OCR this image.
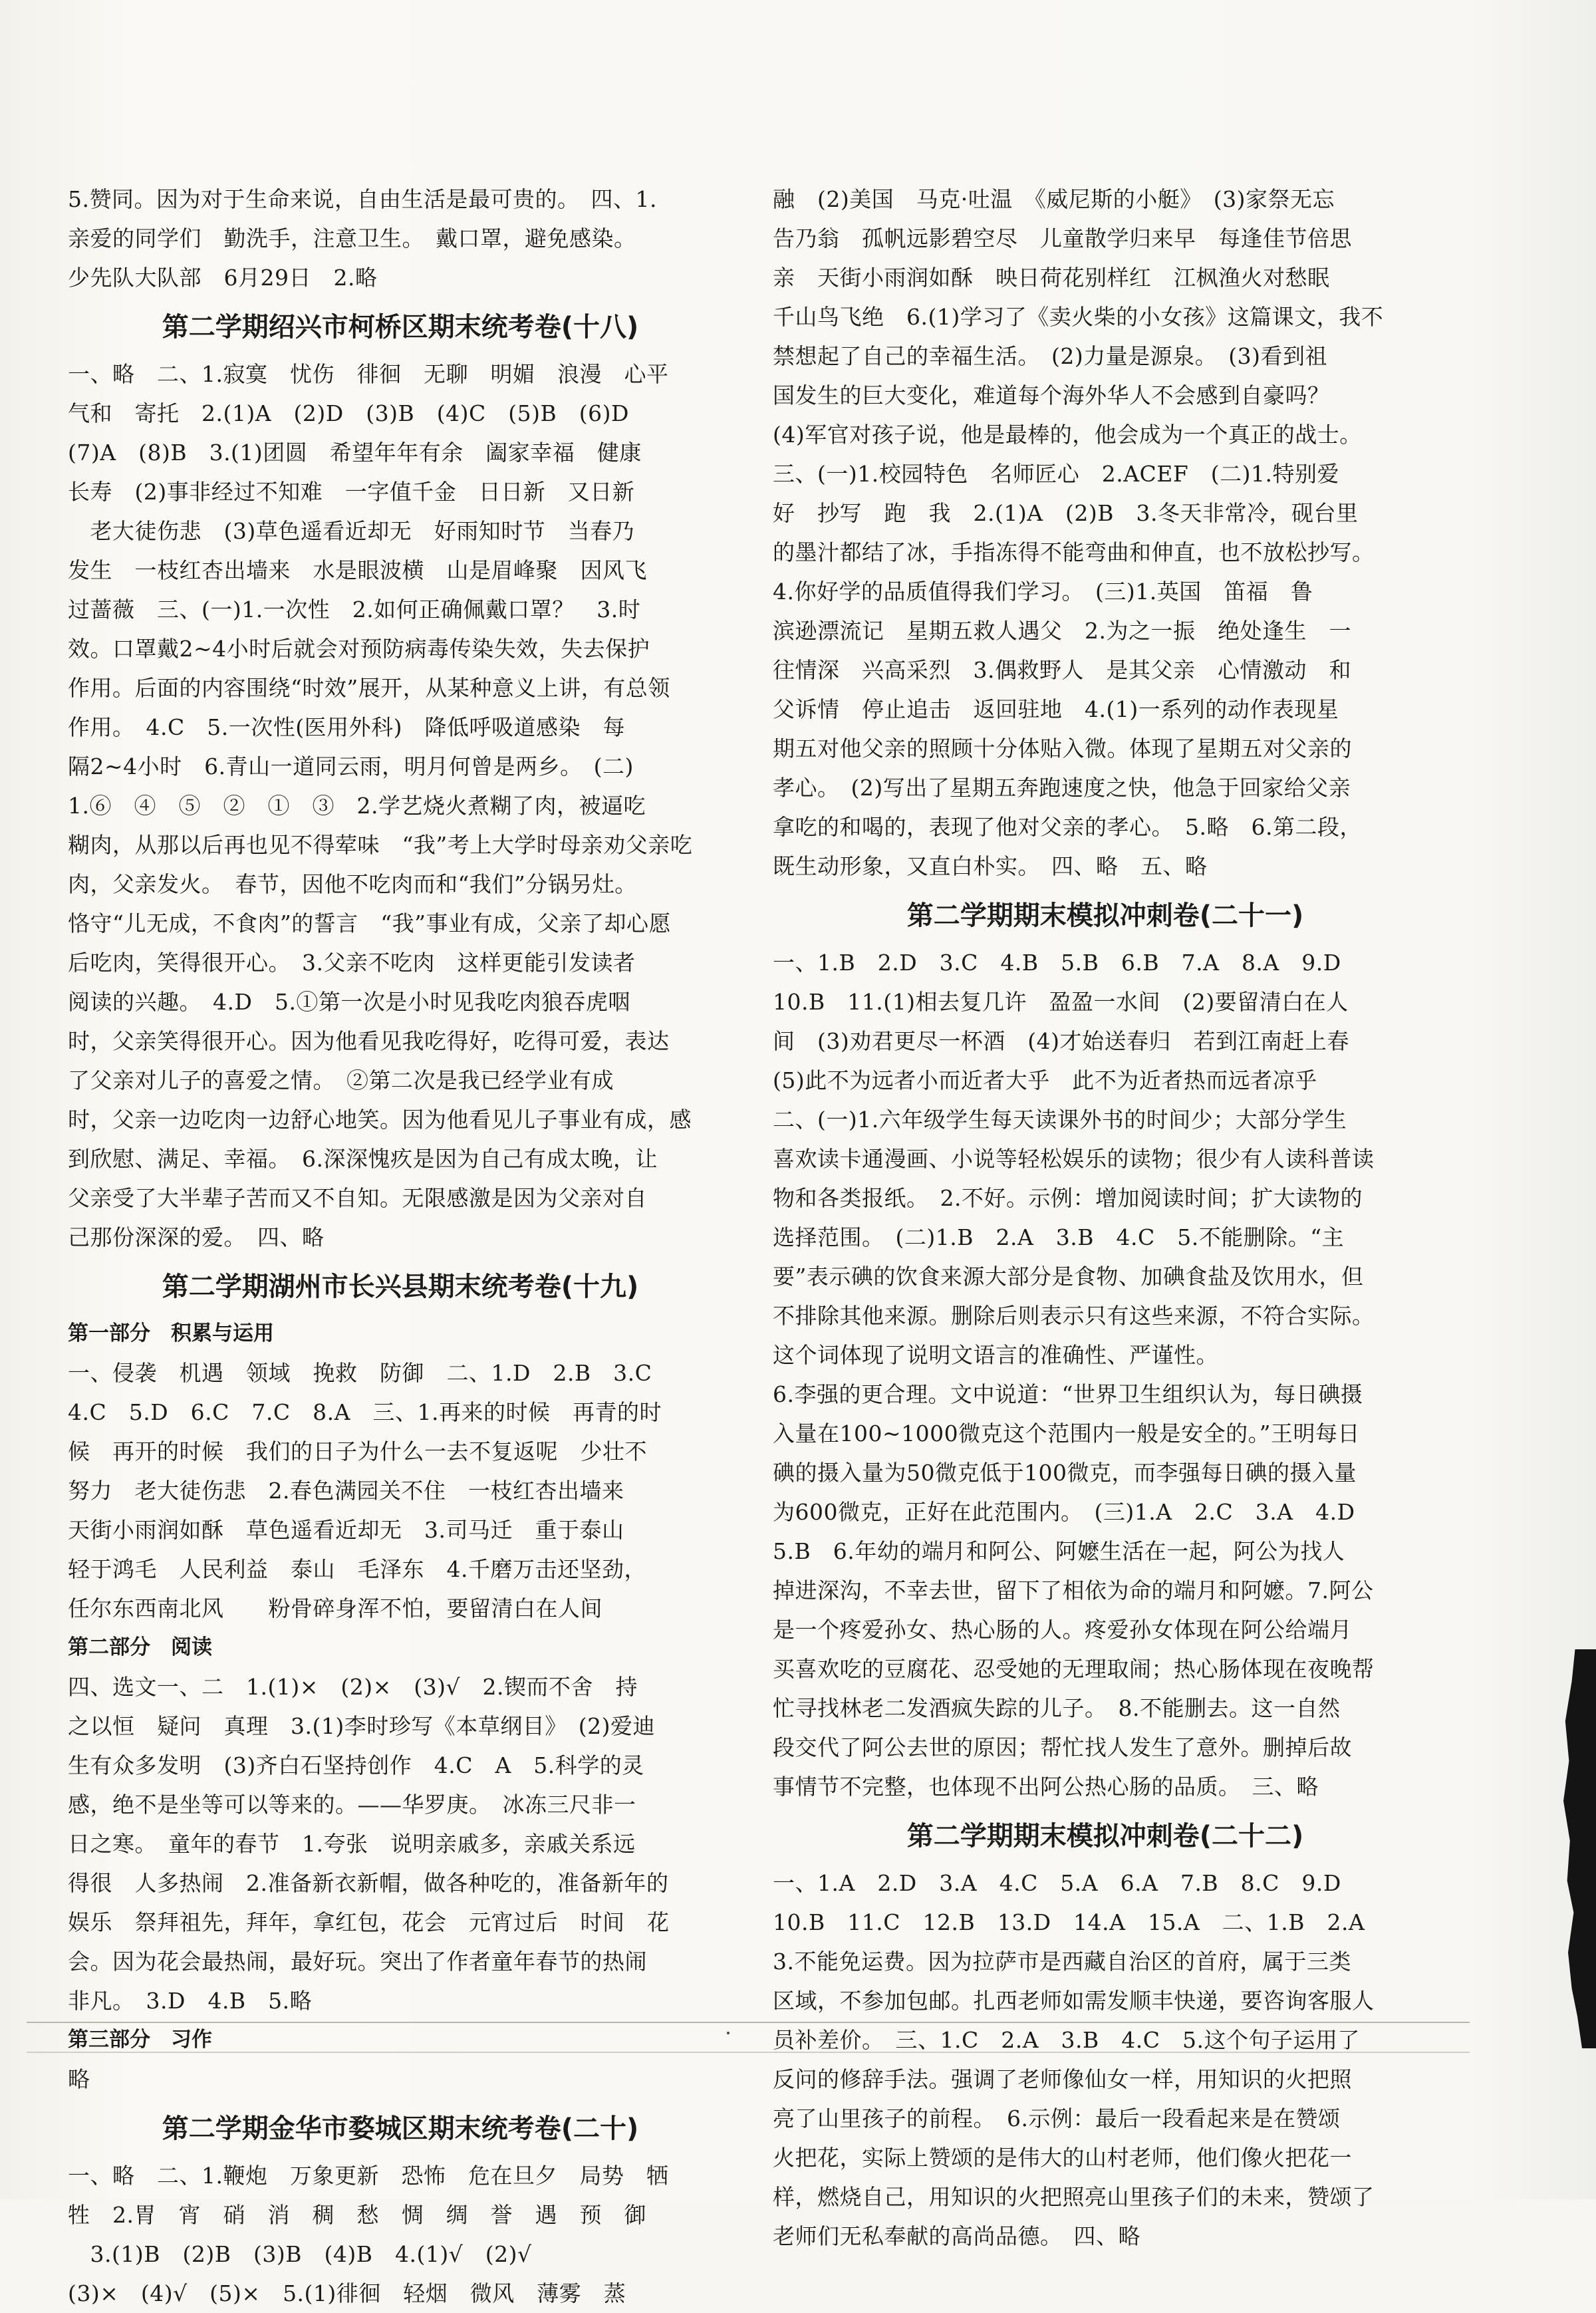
5.赞同。因为对于生命来说，自由生活是最可贵的。　四、1.
亲爱的同学们　勤洗手，注意卫生。　戴口罩，避免感染。
少先队大队部　6月29日　2.略
第二学期绍兴市柯桥区期末统考卷(十八)
一、略　二、1.寂寞　忧伤　徘徊　无聊　明媚　浪漫　心平
气和　寄托　2.(1)A　(2)D　(3)B　(4)C　(5)B　(6)D
(7)A　(8)B　3.(1)团圆　希望年年有余　阖家幸福　健康
长寿　(2)事非经过不知难　一字值千金　日日新　又日新
　老大徒伤悲　(3)草色遥看近却无　好雨知时节　当春乃
发生　一枝红杏出墙来　水是眼波横　山是眉峰聚　因风飞
过蔷薇　三、(一)1.一次性　2.如何正确佩戴口罩？　3.时
效。口罩戴2~4小时后就会对预防病毒传染失效，失去保护
作用。后面的内容围绕“时效”展开，从某种意义上讲，有总领
作用。　4.C　5.一次性(医用外科)　降低呼吸道感染　每
隔2~4小时　6.青山一道同云雨，明月何曾是两乡。　(二)
1.⑥　④　⑤　②　①　③　2.学艺烧火煮糊了肉，被逼吃
糊肉，从那以后再也见不得荤味　“我”考上大学时母亲劝父亲吃
肉，父亲发火。　春节，因他不吃肉而和“我们”分锅另灶。
恪守“儿无成，不食肉”的誓言　“我”事业有成，父亲了却心愿
后吃肉，笑得很开心。　3.父亲不吃肉　这样更能引发读者
阅读的兴趣。　4.D　5.①第一次是小时见我吃肉狼吞虎咽
时，父亲笑得很开心。因为他看见我吃得好，吃得可爱，表达
了父亲对儿子的喜爱之情。　②第二次是我已经学业有成
时，父亲一边吃肉一边舒心地笑。因为他看见儿子事业有成，感
到欣慰、满足、幸福。　6.深深愧疚是因为自己有成太晚，让
父亲受了大半辈子苦而又不自知。无限感激是因为父亲对自
己那份深深的爱。　四、略
第二学期湖州市长兴县期末统考卷(十九)
第一部分　积累与运用
一、侵袭　机遇　领域　挽救　防御　二、1.D　2.B　3.C
4.C　5.D　6.C　7.C　8.A　三、1.再来的时候　再青的时
候　再开的时候　我们的日子为什么一去不复返呢　少壮不
努力　老大徒伤悲　2.春色满园关不住　一枝红杏出墙来
天街小雨润如酥　草色遥看近却无　3.司马迁　重于泰山
轻于鸿毛　人民利益　泰山　毛泽东　4.千磨万击还坚劲，
任尔东西南北风　　粉骨碎身浑不怕，要留清白在人间
第二部分　阅读
四、选文一、二　1.(1)×　(2)×　(3)√　2.锲而不舍　持
之以恒　疑问　真理　3.(1)李时珍写《本草纲目》　(2)爱迪
生有众多发明　(3)齐白石坚持创作　4.C　A　5.科学的灵
感，绝不是坐等可以等来的。——华罗庚。　冰冻三尺非一
日之寒。　童年的春节　1.夸张　说明亲戚多，亲戚关系远
得很　人多热闹　2.准备新衣新帽，做各种吃的，准备新年的
娱乐　祭拜祖先，拜年，拿红包，花会　元宵过后　时间　花
会。因为花会最热闹，最好玩。突出了作者童年春节的热闹
非凡。　3.D　4.B　5.略
第三部分　习作
略
第二学期金华市婺城区期末统考卷(二十)
一、略　二、1.鞭炮　万象更新　恐怖　危在旦夕　局势　牺
牲　2.胃　宵　硝　消　稠　愁　惆　绸　誉　遇　预　御
　3.(1)B　(2)B　(3)B　(4)B　4.(1)√　(2)√
(3)×　(4)√　(5)×　5.(1)徘徊　轻烟　微风　薄雾　蒸
融　(2)美国　马克·吐温　《威尼斯的小艇》　(3)家祭无忘
告乃翁　孤帆远影碧空尽　儿童散学归来早　每逢佳节倍思
亲　天街小雨润如酥　映日荷花别样红　江枫渔火对愁眠
千山鸟飞绝　6.(1)学习了《卖火柴的小女孩》这篇课文，我不
禁想起了自己的幸福生活。　(2)力量是源泉。　(3)看到祖
国发生的巨大变化，难道每个海外华人不会感到自豪吗？
(4)军官对孩子说，他是最棒的，他会成为一个真正的战士。
三、(一)1.校园特色　名师匠心　2.ACEF　(二)1.特别爱
好　抄写　跑　我　2.(1)A　(2)B　3.冬天非常冷，砚台里
的墨汁都结了冰，手指冻得不能弯曲和伸直，也不放松抄写。
4.你好学的品质值得我们学习。　(三)1.英国　笛福　鲁
滨逊漂流记　星期五救人遇父　2.为之一振　绝处逢生　一
往情深　兴高采烈　3.偶救野人　是其父亲　心情激动　和
父诉情　停止追击　返回驻地　4.(1)一系列的动作表现星
期五对他父亲的照顾十分体贴入微。体现了星期五对父亲的
孝心。　(2)写出了星期五奔跑速度之快，他急于回家给父亲
拿吃的和喝的，表现了他对父亲的孝心。　5.略　6.第二段，
既生动形象，又直白朴实。　四、略　五、略
第二学期期末模拟冲刺卷(二十一)
一、1.B　2.D　3.C　4.B　5.B　6.B　7.A　8.A　9.D
10.B　11.(1)相去复几许　盈盈一水间　(2)要留清白在人
间　(3)劝君更尽一杯酒　(4)才始送春归　若到江南赶上春
(5)此不为远者小而近者大乎　此不为近者热而远者凉乎
二、(一)1.六年级学生每天读课外书的时间少；大部分学生
喜欢读卡通漫画、小说等轻松娱乐的读物；很少有人读科普读
物和各类报纸。　2.不好。示例：增加阅读时间；扩大读物的
选择范围。　(二)1.B　2.A　3.B　4.C　5.不能删除。“主
要”表示碘的饮食来源大部分是食物、加碘食盐及饮用水，但
不排除其他来源。删除后则表示只有这些来源，不符合实际。
这个词体现了说明文语言的准确性、严谨性。
6.李强的更合理。文中说道：“世界卫生组织认为，每日碘摄
入量在100~1000微克这个范围内一般是安全的。”王明每日
碘的摄入量为50微克低于100微克，而李强每日碘的摄入量
为600微克，正好在此范围内。　(三)1.A　2.C　3.A　4.D
5.B　6.年幼的端月和阿公、阿嬷生活在一起，阿公为找人
掉进深沟，不幸去世，留下了相依为命的端月和阿嬷。7.阿公
是一个疼爱孙女、热心肠的人。疼爱孙女体现在阿公给端月
买喜欢吃的豆腐花、忍受她的无理取闹；热心肠体现在夜晚帮
忙寻找林老二发酒疯失踪的儿子。　8.不能删去。这一自然
段交代了阿公去世的原因；帮忙找人发生了意外。删掉后故
事情节不完整，也体现不出阿公热心肠的品质。　三、略
第二学期期末模拟冲刺卷(二十二)
一、1.A　2.D　3.A　4.C　5.A　6.A　7.B　8.C　9.D
10.B　11.C　12.B　13.D　14.A　15.A　二、1.B　2.A
3.不能免运费。因为拉萨市是西藏自治区的首府，属于三类
区域，不参加包邮。扎西老师如需发顺丰快递，要咨询客服人
员补差价。　三、1.C　2.A　3.B　4.C　5.这个句子运用了
反问的修辞手法。强调了老师像仙女一样，用知识的火把照
亮了山里孩子的前程。　6.示例：最后一段看起来是在赞颂
火把花，实际上赞颂的是伟大的山村老师，他们像火把花一
样，燃烧自己，用知识的火把照亮山里孩子们的未来，赞颂了
老师们无私奉献的高尚品德。　四、略
